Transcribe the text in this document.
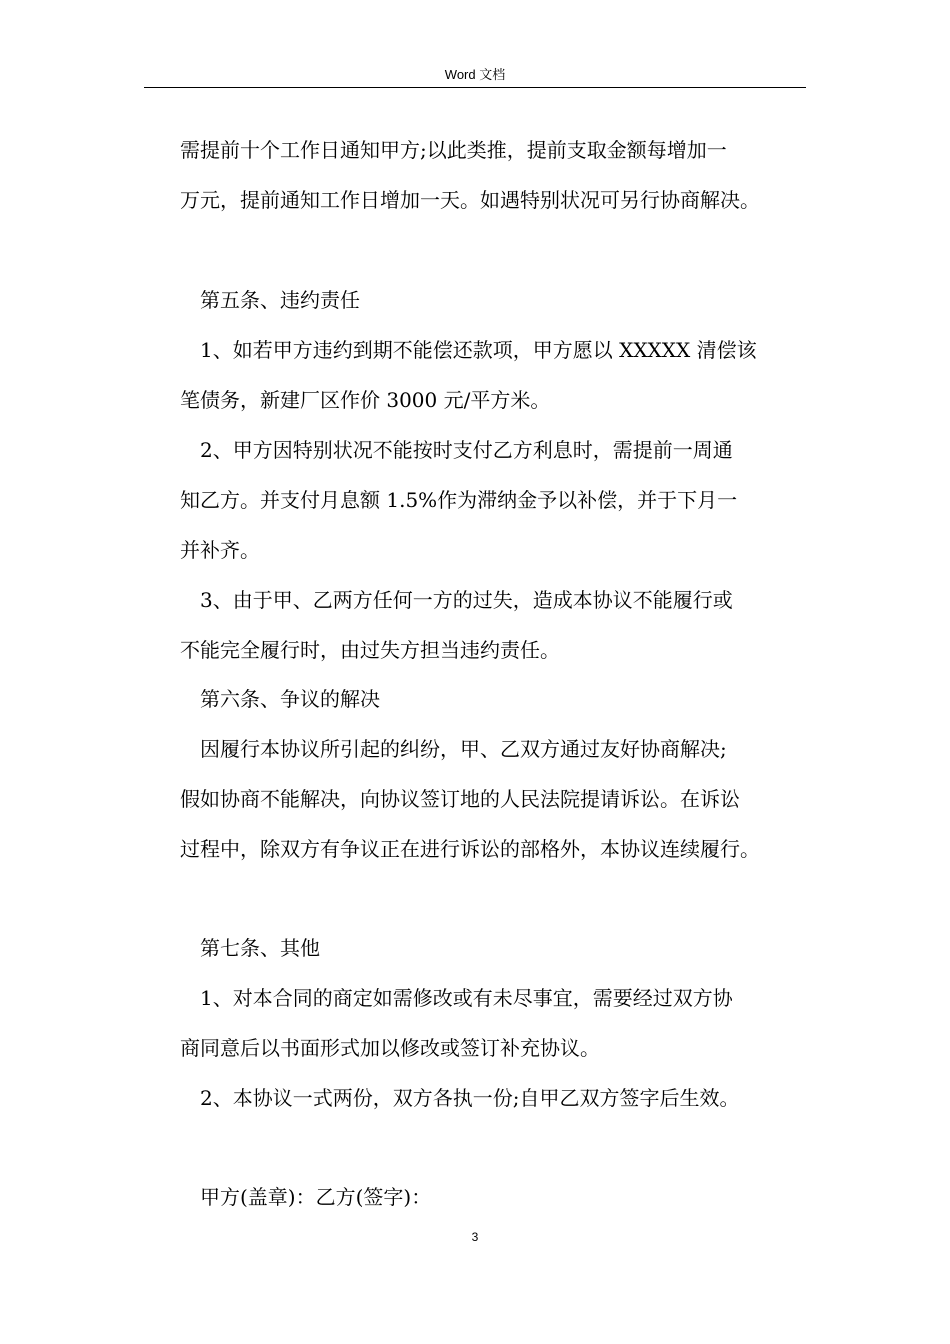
Word 文档
需提前十个工作日通知甲方;以此类推，提前支取金额每增加一
万元，提前通知工作日增加一天。如遇特别状况可另行协商解决。
第五条、违约责任
1、如若甲方违约到期不能偿还款项，甲方愿以 XXXXX 清偿该
笔债务，新建厂区作价 3000 元/平方米。
2、甲方因特别状况不能按时支付乙方利息时，需提前一周通
知乙方。并支付月息额 1.5%作为滞纳金予以补偿，并于下月一
并补齐。
3、由于甲、乙两方任何一方的过失，造成本协议不能履行或
不能完全履行时，由过失方担当违约责任。
第六条、争议的解决
因履行本协议所引起的纠纷，甲、乙双方通过友好协商解决;
假如协商不能解决，向协议签订地的人民法院提请诉讼。在诉讼
过程中，除双方有争议正在进行诉讼的部格外，本协议连续履行。
第七条、其他
1、对本合同的商定如需修改或有未尽事宜，需要经过双方协
商同意后以书面形式加以修改或签订补充协议。
2、本协议一式两份，双方各执一份;自甲乙双方签字后生效。
甲方(盖章)：乙方(签字)：
3
